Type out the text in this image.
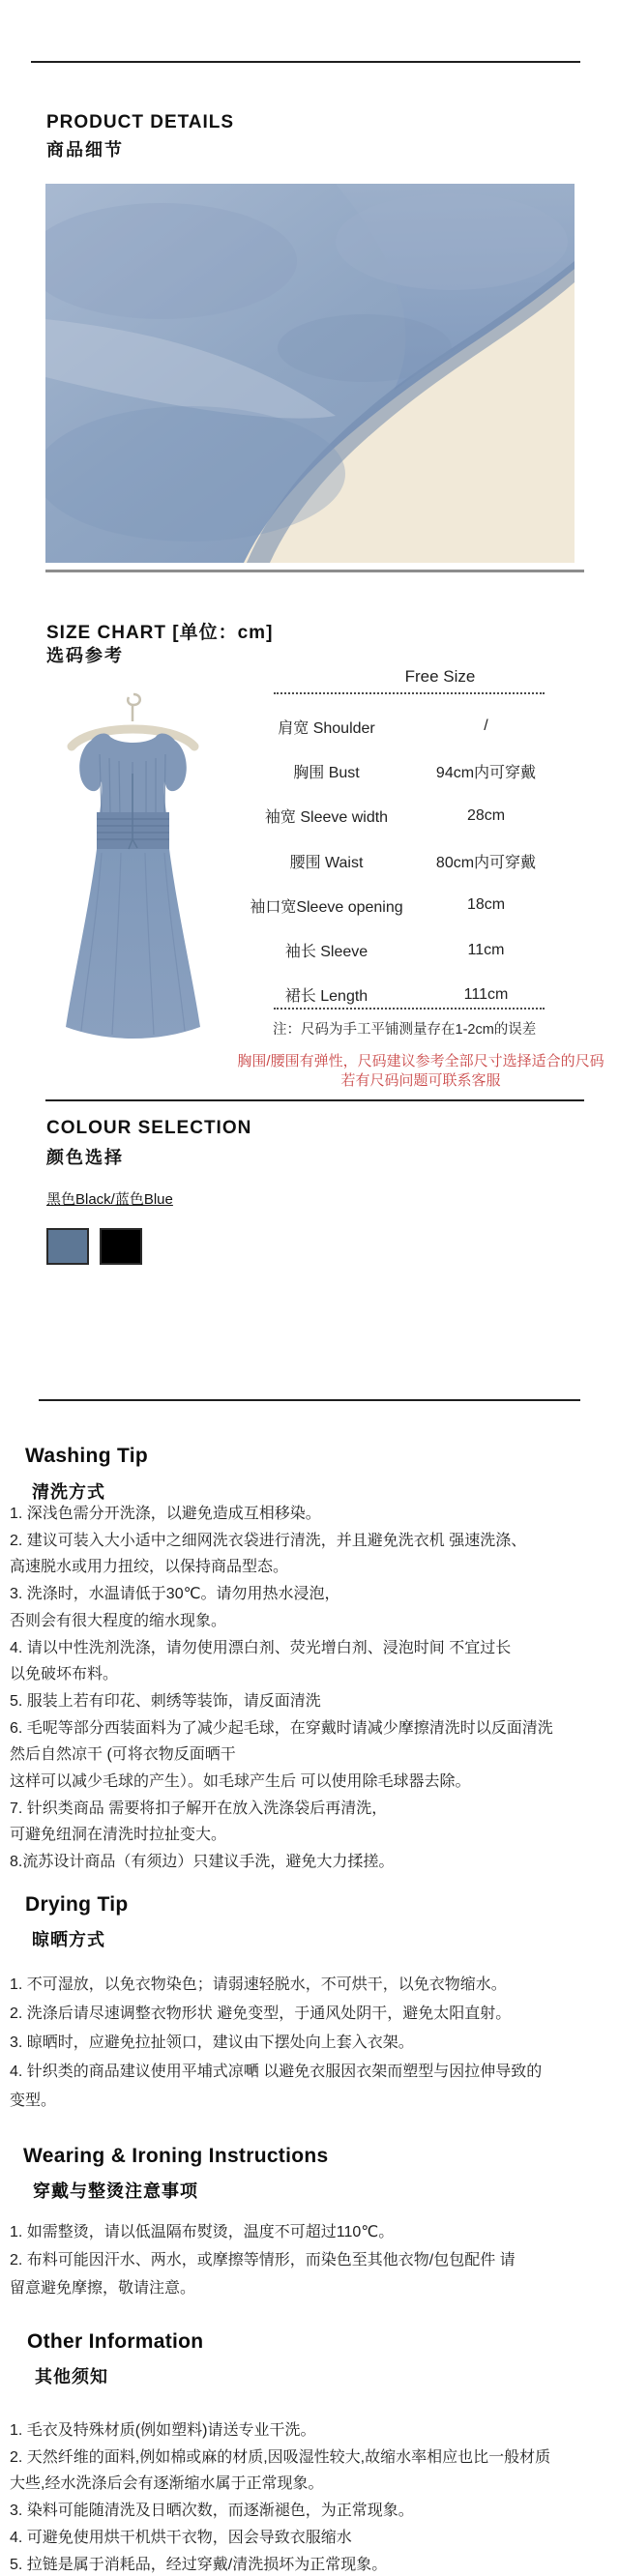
PRODUCT DETAILS
商品细节
SIZE CHART [单位：cm]
选码参考
Free Size
肩宽 Shoulder	/
胸围 Bust	94cm内可穿戴
袖宽 Sleeve width	28cm
腰围 Waist	80cm内可穿戴
袖口宽Sleeve opening	18cm
袖长 Sleeve	11cm
裙长 Length	111cm
注：尺码为手工平铺测量存在1-2cm的误差
胸围/腰围有弹性，尺码建议参考全部尺寸选择适合的尺码
若有尺码问题可联系客服
COLOUR SELECTION
颜色选择
黑色Black/蓝色Blue
Washing Tip
清洗方式
1. 深浅色需分开洗涤，以避免造成互相移染。
2. 建议可装入大小适中之细网洗衣袋进行清洗，并且避免洗衣机 强速洗涤、
高速脱水或用力扭绞，以保持商品型态。
3. 洗涤时，水温请低于30℃。请勿用热水浸泡，
否则会有很大程度的缩水现象。
4. 请以中性洗剂洗涤，请勿使用漂白剂、荧光增白剂、浸泡时间 不宜过长
以免破坏布料。
5. 服装上若有印花、刺绣等装饰，请反面清洗
6. 毛呢等部分西装面料为了减少起毛球，在穿戴时请减少摩擦清洗时以反面清洗
然后自然凉干 (可将衣物反面晒干
这样可以减少毛球的产生）。如毛球产生后 可以使用除毛球器去除。
7. 针织类商品 需要将扣子解开在放入洗涤袋后再清洗，
可避免纽洞在清洗时拉扯变大。
8.流苏设计商品（有须边）只建议手洗，避免大力揉搓。
Drying Tip
晾晒方式
1. 不可湿放，以免衣物染色；请弱速轻脱水，不可烘干，以免衣物缩水。
2. 洗涤后请尽速调整衣物形状 避免变型，于通风处阴干，避免太阳直射。
3. 晾晒时，应避免拉扯领口，建议由下摆处向上套入衣架。
4. 针织类的商品建议使用平埔式凉嗮 以避免衣服因衣架而塑型与因拉伸导致的
变型。
Wearing & Ironing Instructions
穿戴与整烫注意事项
1. 如需整烫，请以低温隔布熨烫，温度不可超过110℃。
2. 布料可能因汗水、两水，或摩擦等情形，而染色至其他衣物/包包配件 请
留意避免摩擦，敬请注意。
Other Information
其他须知
1. 毛衣及特殊材质(例如塑料)请送专业干洗。
2. 天然纤维的面料,例如棉或麻的材质,因吸湿性较大,故缩水率相应也比一般材质
大些,经水洗涤后会有逐渐缩水属于正常现象。
3. 染料可能随清洗及日晒次数，而逐渐褪色，为正常现象。
4. 可避免使用烘干机烘干衣物，因会导致衣服缩水
5. 拉链是属于消耗品，经过穿戴/清洗损坏为正常现象。
